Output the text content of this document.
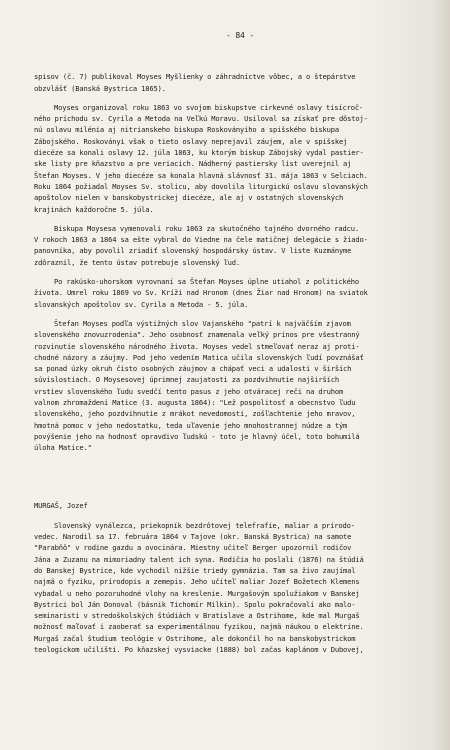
- 84 -
spisov (č. 7) publikoval Moyses Myšlienky o záhradníctve vôbec, a o štepárstve
obzvlášť (Banská Bystrica 1865).
Moyses organizoval roku 1863 vo svojom biskupstve cirkevné oslavy tisícroč-
ného príchodu sv. Cyrila a Metoda na Veľkú Moravu. Usiloval sa získať pre dôstoj-
nú oslavu milénia aj nitrianskeho biskupa Roskoványiho a spišského biskupa
Zábojského. Roskoványi však o tieto oslavy neprejavil záujem, ale v spišskej
diecéze sa konali oslavy 12. júla 1863, ku ktorým biskup Zábojský vydal pastier-
ske listy pre kňazstvo a pre veriacich. Nádherný pastiersky list uverejnil aj
Štefan Moyses. V jeho diecéze sa konala hlavná slávnosť 31. mája 1863 v Selciach.
Roku 1864 požiadal Moyses Sv. stolicu, aby dovolila liturgickú oslavu slovanských
apoštolov nielen v banskobystrickej diecéze, ale aj v ostatných slovenských
krajinách každoročne 5. júla.
Biskupa Moysesa vymenovali roku 1863 za skutočného tajného dvorného radcu.
V rokoch 1863 a 1864 sa ešte vybral do Viedne na čele matičnej delegácie s žiado-
panovníka, aby povolil zriadiť slovenský hospodársky ústav. V liste Kuzmányme
zdôraznil, že tento ústav potrebuje slovenský ľud.
Po rakúsko-uhorskom vyrovnaní sa Štefan Moyses úplne utiahol z politického
života. Umrel roku 1869 vo Sv. Kríži nad Hronom (dnes Žiar nad Hronom) na sviatok
slovanských apoštolov sv. Cyrila a Metoda - 5. júla.
Štefan Moyses podľa výstižných slov Vajanského "patrí k najväčším zjavom
slovenského znovuzrodenia". Jeho osobnosť znamenala veľký prínos pre všestranný
rozvinutie slovenského národného života. Moyses vedel stmeľovať neraz aj proti-
chodné názory a záujmy. Pod jeho vedením Matica učila slovenských ľudí povznášať
sa ponad úzky okruh čisto osobných záujmov a chápať veci a udalosti v širších
súvislostiach. O Moysesovej úprimnej zaujatosti za pozdvihnutie najširších
vrstiev slovenského ľudu svedčí tento pasus z jeho otváracej reči na druhom
valnom zhromaždení Matice (3. augusta 1864): "Lež pospolitosť a obecnstvo ľudu
slovenského, jeho pozdvihnutie z mrákot nevedomosti, zošľachtenie jeho mravov,
hmotná pomoc v jeho nedostatku, teda uľavenie jeho mnohostrannej núdze a tým
povýšenie jeho na hodnosť opravdivo ľudskú - toto je hlavný účel, toto bohumilá
úloha Matice."
MURGAŠ, Jozef
Slovenský vynálezca, priekopník bezdrôtovej telefrafie, maliar a prírodo-
vedec. Narodil sa 17. februára 1864 v Tajove (okr. Banská Bystrica) na samote
"Parabňô" v rodine gazdu a ovocinára. Miestny učiteľ Berger upozornil rodičov
Jána a Zuzanu na mimoriadny talent ich syna. Rodičia ho poslali (1876) na štúdiá
do Banskej Bystrice, kde vychodil nižšie triedy gymnázia. Tam sa živo zaujímal
najmä o fyziku, prírodopis a zemepis. Jeho učiteľ maliar Jozef Božetech Klemens
vybadal u neho pozoruhodné vlohy na kreslenie. Murgašovým spolužiakom v Banskej
Bystrici bol Ján Donoval (básnik Tichomír Milkin). Spolu pokračovali ako malo-
seminaristi v stredoškolských štúdiách v Bratislave a Ostrihome, kde mal Murgaš
možnosť maľovať i zaoberať sa experimentálnou fyzikou, najmä náukou o elektrine.
Murgaš začal študium teológie v Ostrihome, ale dokončil ho na banskobystrickom
teologickom učilišti. Po kňazskej vysviacke (1888) bol začas kaplánom v Dubovej,
